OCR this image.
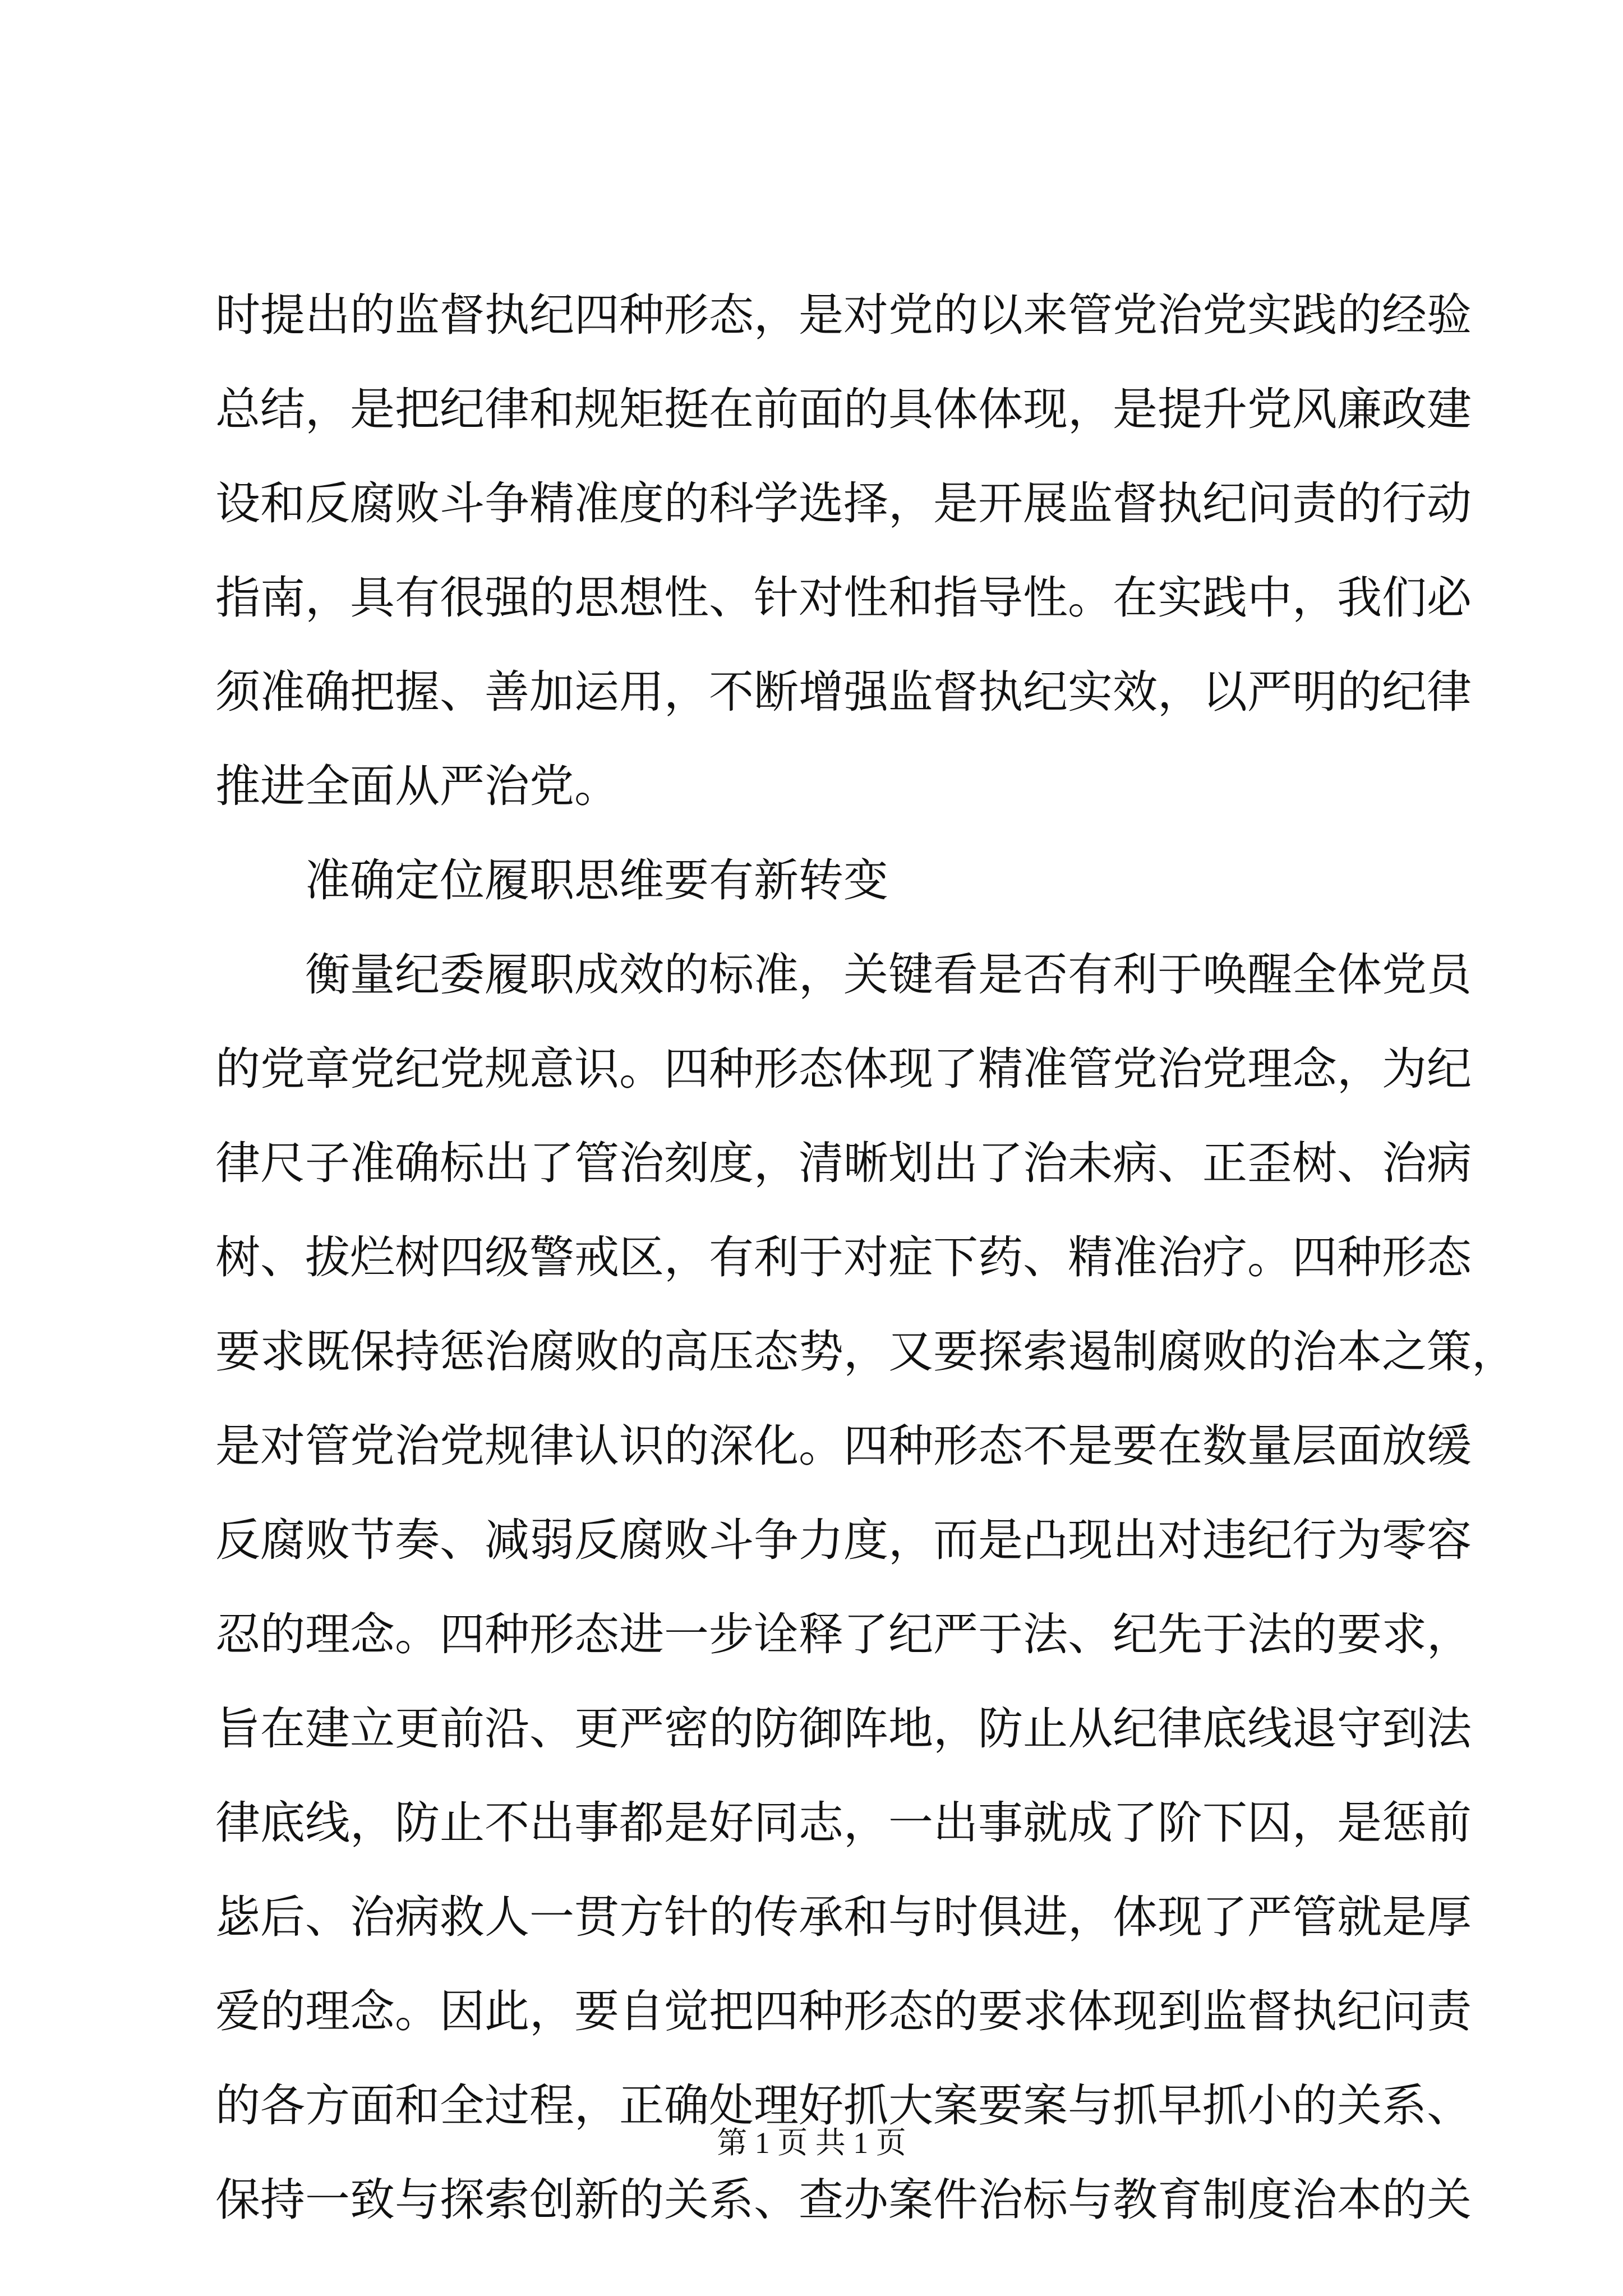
时提出的监督执纪四种形态，是对党的以来管党治党实践的经验
总结，是把纪律和规矩挺在前面的具体体现，是提升党风廉政建
设和反腐败斗争精准度的科学选择，是开展监督执纪问责的行动
指南，具有很强的思想性、针对性和指导性。在实践中，我们必
须准确把握、善加运用，不断增强监督执纪实效，以严明的纪律
推进全面从严治党。
准确定位履职思维要有新转变
衡量纪委履职成效的标准，关键看是否有利于唤醒全体党员
的党章党纪党规意识。四种形态体现了精准管党治党理念，为纪
律尺子准确标出了管治刻度，清晰划出了治未病、正歪树、治病
树、拔烂树四级警戒区，有利于对症下药、精准治疗。四种形态
要求既保持惩治腐败的高压态势，又要探索遏制腐败的治本之策，
是对管党治党规律认识的深化。四种形态不是要在数量层面放缓
反腐败节奏、减弱反腐败斗争力度，而是凸现出对违纪行为零容
忍的理念。四种形态进一步诠释了纪严于法、纪先于法的要求，
旨在建立更前沿、更严密的防御阵地，防止从纪律底线退守到法
律底线，防止不出事都是好同志，一出事就成了阶下囚，是惩前
毖后、治病救人一贯方针的传承和与时俱进，体现了严管就是厚
爱的理念。因此，要自觉把四种形态的要求体现到监督执纪问责
的各方面和全过程，正确处理好抓大案要案与抓早抓小的关系、
保持一致与探索创新的关系、查办案件治标与教育制度治本的关
第 1 页 共 1 页
